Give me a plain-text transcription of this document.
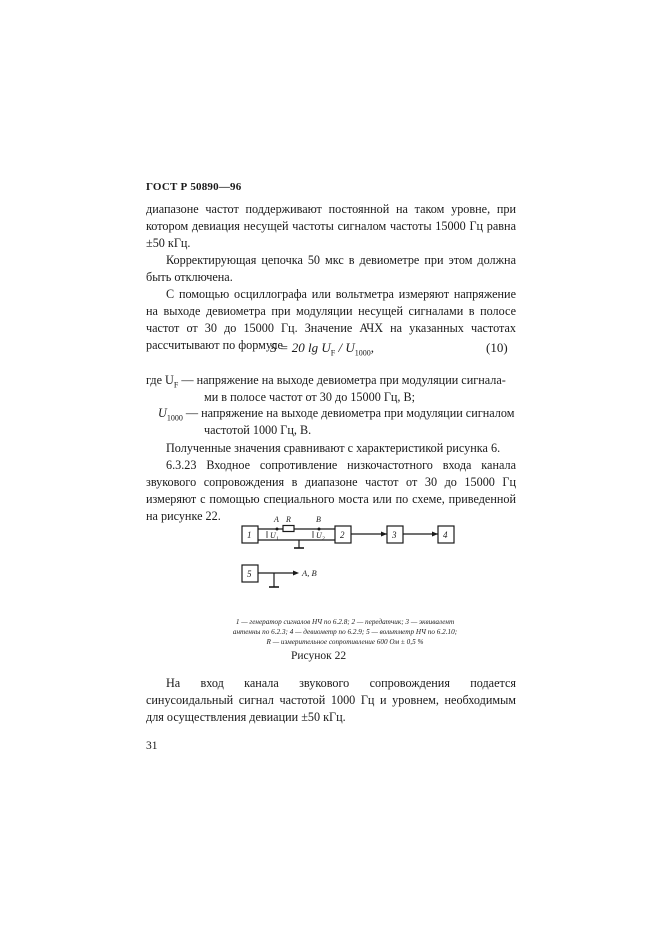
ГОСТ Р 50890—96
диапазоне частот поддерживают постоянной на таком уровне, при котором девиация несущей частоты сигналом частоты 15000 Гц равна ±50 кГц.
Корректирующая цепочка 50 мкс в девиометре при этом должна быть отключена.
С помощью осциллографа или вольтметра измеряют напряжение на выходе девиометра при модуляции несущей сигналами в полосе частот от 30 до 15000 Гц. Значение АЧХ на указанных частотах рассчитывают по формуле
S = 20 $\lg U_F / U_{1000}$,	(10)
где $U_F$ — напряжение на выходе девиометра при модуляции сигнала-
ми в полосе частот от 30 до 15000 Гц, В;
$U_{1000}$ — напряжение на выходе девиометра при модуляции сигналом
частотой 1000 Гц, В.
Полученные значения сравнивают с характеристикой рисунка 6.
6.3.23 Входное сопротивление низкочастотного входа канала звукового сопровождения в диапазоне частот от 30 до 15000 Гц измеряют с помощью специального моста или по схеме, приведенной на рисунке 22.
1	2	3	4
5
A R	B
U 1	U 2
A, B
1 — генератор сигналов НЧ по 6.2.8; 2 — передатчик; 3 — эквивалент антенны по 6.2.3; 4 — девиометр по 6.2.9; 5 — вольтметр НЧ по 6.2.10; R — измерительное сопротивление 600 Ом ± 0,5 %
Рисунок 22
На вход канала звукового сопровождения подается синусоидальный сигнал частотой 1000 Гц и уровнем, необходимым для осуществления девиации ±50 кГц.
31
